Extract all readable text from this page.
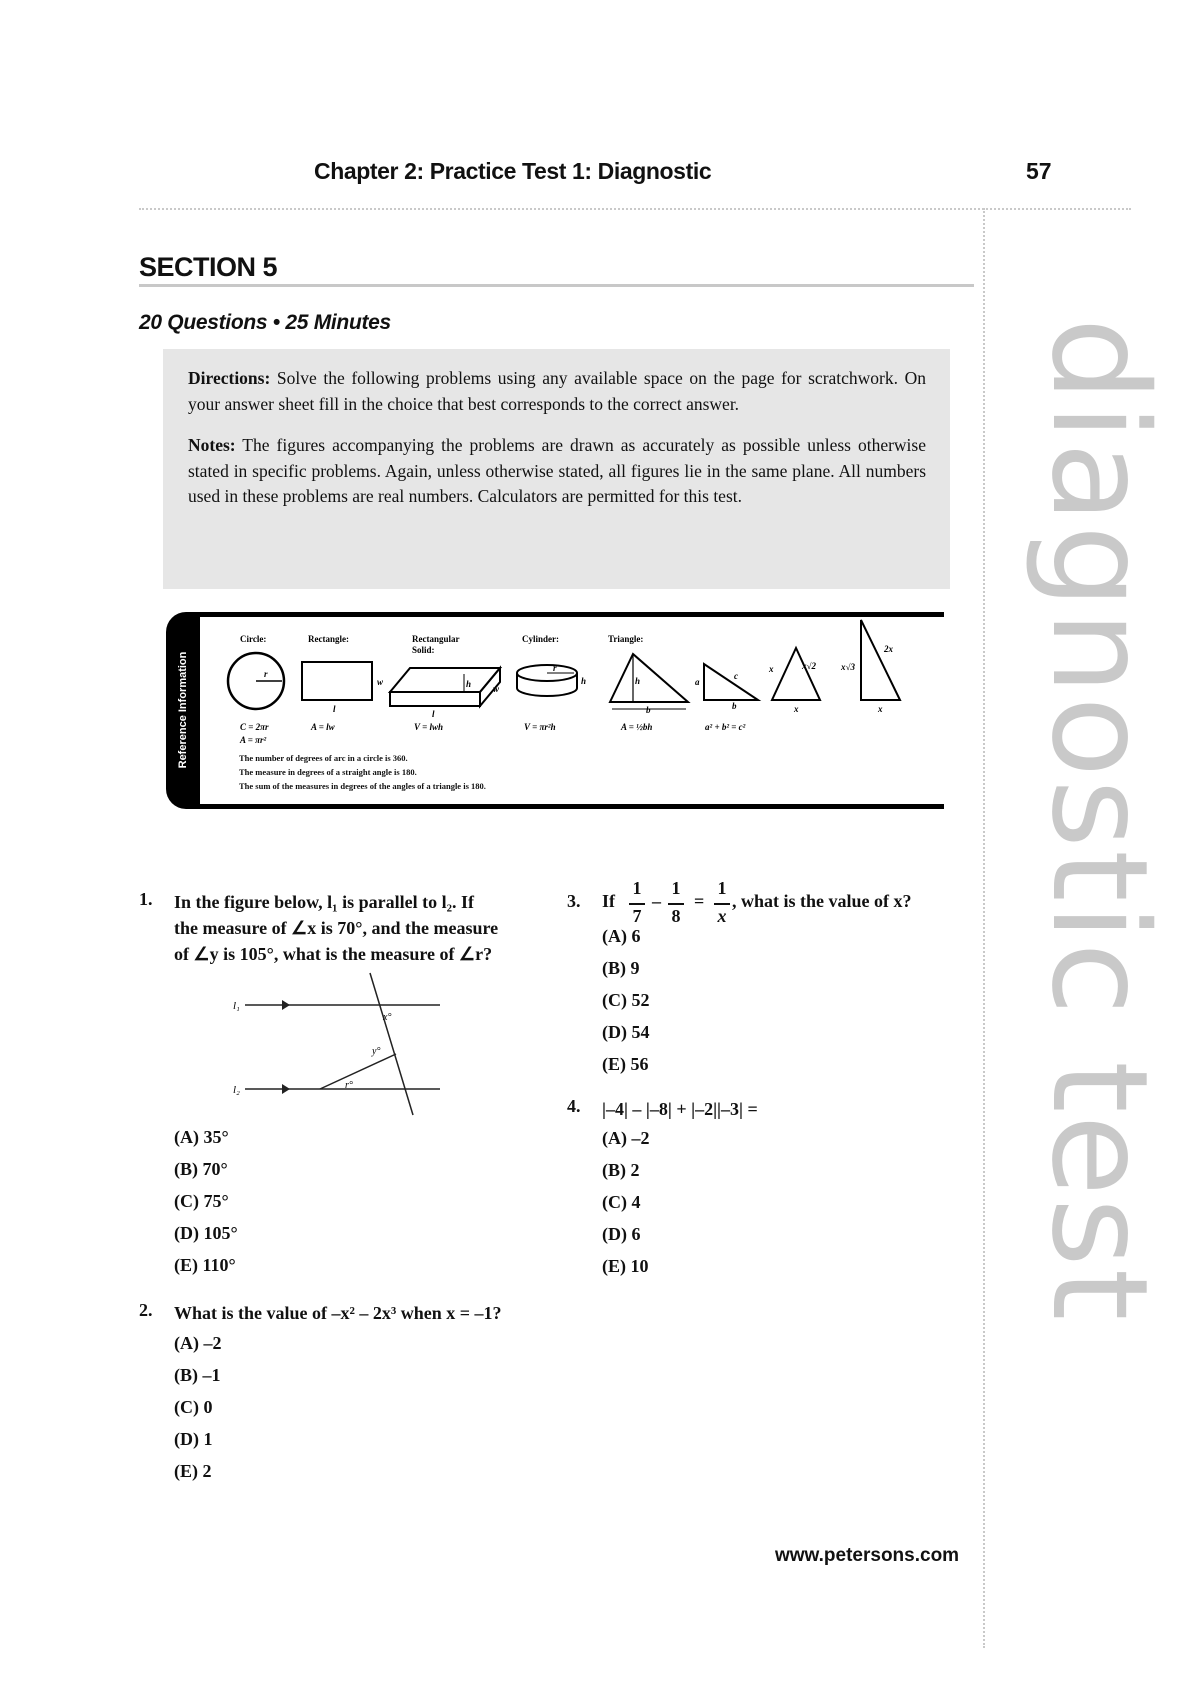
Chapter 2: Practice Test 1: Diagnostic	57
SECTION 5
20 Questions • 25 Minutes

Directions: Solve the following problems using any available space on the page for scratchwork. On your answer sheet fill in the choice that best corresponds to the correct answer.

Notes: The figures accompanying the problems are drawn as accurately as possible unless otherwise stated in specific problems. Again, unless otherwise stated, all figures lie in the same plane. All numbers used in these problems are real numbers. Calculators are permitted for this test.

Reference Information
Circle:
r
C = 2πr
A = πr²
Rectangle:
l
w
A = lw
Rectangular
Solid:
h
l
w
V = lwh
Cylinder:
r
h
V = πr²h
Triangle:
h
b
A = ½bh
a
b
c
a² + b² = c²
x	x√2
x
2x
x√3
x
The number of degrees of arc in a circle is 360.
The measure in degrees of a straight angle is 180.
The sum of the measures in degrees of the angles of a triangle is 180.
1. In the figure below, l₁ is parallel to l₂. If
the measure of ∠x is 70°, and the measure
of ∠y is 105°, what is the measure of ∠r?
l₁
l₂
x°
y°
r°
(A) 35°
(B) 70°
(C) 75°
(D) 105°
(E) 110°
2. What is the value of –x² – 2x³ when x = –1?
(A) –2
(B) –1
(C) 0
(D) 1
(E) 2
3. If
1
7
–
1
8
=
1
x
, what is the value of x?
(A) 6
(B) 9
(C) 52
(D) 54
(E) 56
4. |–4| – |–8| + |–2||–3| =
(A) –2
(B) 2
(C) 4
(D) 6
(E) 10	diagnostic test
www.petersons.com
